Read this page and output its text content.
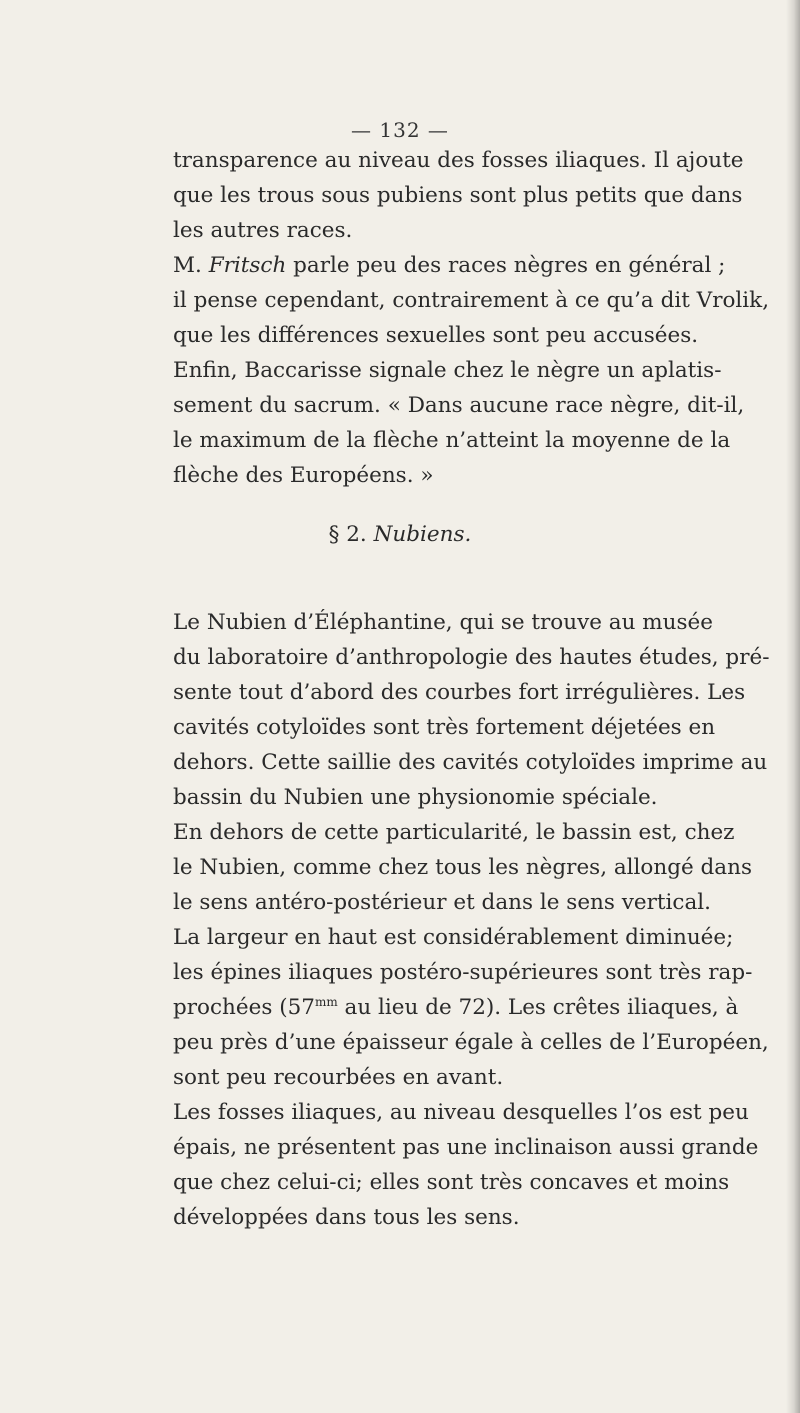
— 132 —

transparence au niveau des fosses iliaques. Il ajoute
que les trous sous pubiens sont plus petits que dans
les autres races.

M. Fritsch parle peu des races nègres en général ;
il pense cependant, contrairement à ce qu’a dit Vrolik,
que les différences sexuelles sont peu accusées.

Enfin, Baccarisse signale chez le nègre un aplatis-
sement du sacrum. « Dans aucune race nègre, dit-il,
le maximum de la flèche n’atteint la moyenne de la
flèche des Européens. »

§ 2. Nubiens.

Le Nubien d’Éléphantine, qui se trouve au musée
du laboratoire d’anthropologie des hautes études, pré-
sente tout d’abord des courbes fort irrégulières. Les
cavités cotyloïdes sont très fortement déjetées en
dehors. Cette saillie des cavités cotyloïdes imprime au
bassin du Nubien une physionomie spéciale.

En dehors de cette particularité, le bassin est, chez
le Nubien, comme chez tous les nègres, allongé dans
le sens antéro-postérieur et dans le sens vertical.

La largeur en haut est considérablement diminuée;
les épines iliaques postéro-supérieures sont très rap-
prochées ($57^{mm}$ au lieu de 72). Les crêtes iliaques, à
peu près d’une épaisseur égale à celles de l’Européen,
sont peu recourbées en avant.

Les fosses iliaques, au niveau desquelles l’os est peu
épais, ne présentent pas une inclinaison aussi grande
que chez celui-ci; elles sont très concaves et moins
développées dans tous les sens.
